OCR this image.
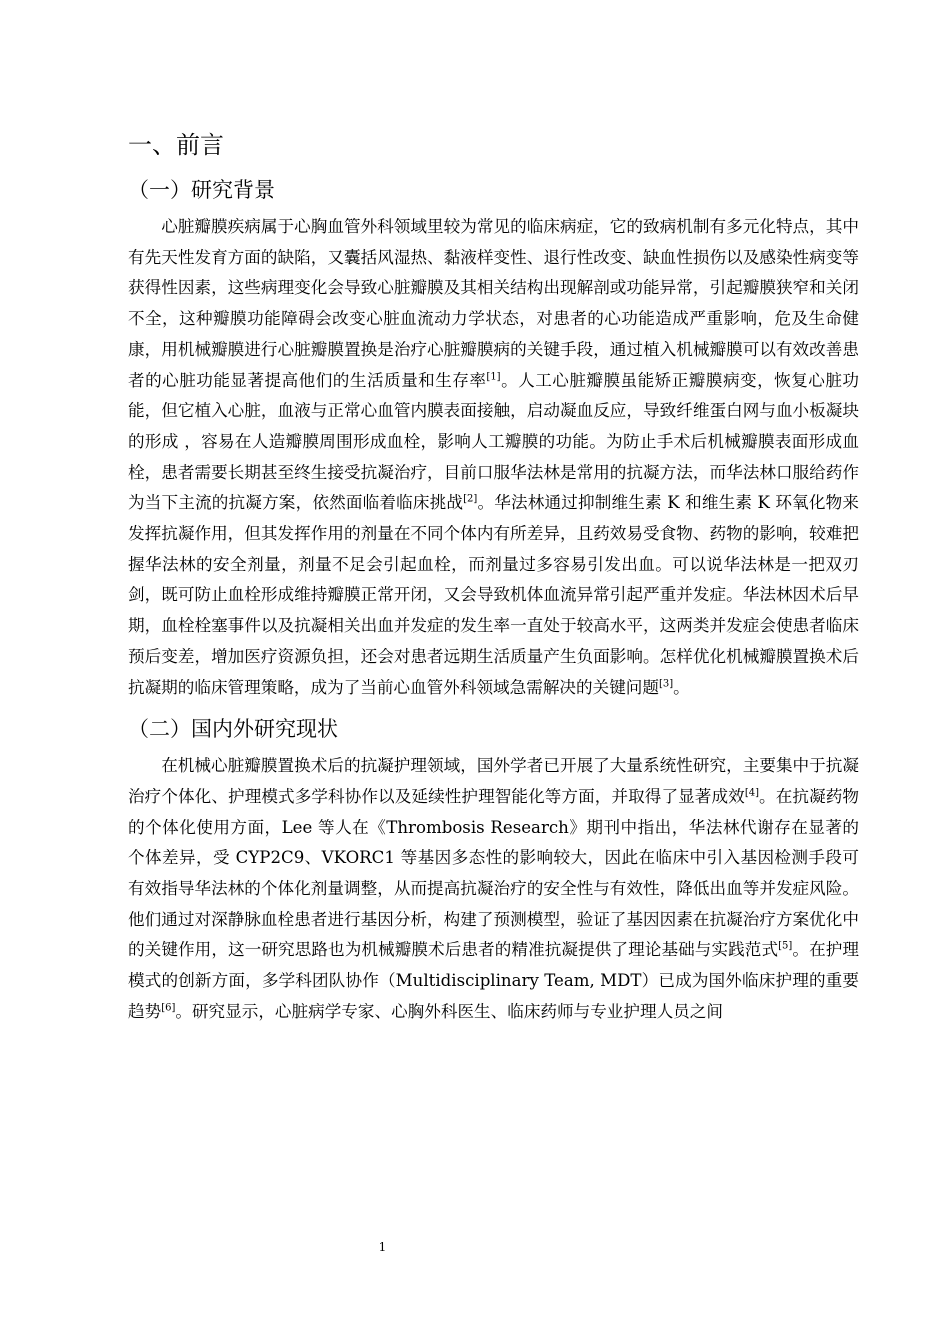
一、前言
（一）研究背景

心脏瓣膜疾病属于心胸血管外科领域里较为常见的临床病症，它的致病机制有多元化特点，其中有先天性发育方面的缺陷，又囊括风湿热、黏液样变性、退行性改变、缺血性损伤以及感染性病变等获得性因素，这些病理变化会导致心脏瓣膜及其相关结构出现解剖或功能异常，引起瓣膜狭窄和关闭不全，这种瓣膜功能障碍会改变心脏血流动力学状态，对患者的心功能造成严重影响，危及生命健康，用机械瓣膜进行心脏瓣膜置换是治疗心脏瓣膜病的关键手段，通过植入机械瓣膜可以有效改善患者的心脏功能显著提高他们的生活质量和生存率[1]。人工心脏瓣膜虽能矫正瓣膜病变，恢复心脏功能，但它植入心脏，血液与正常心血管内膜表面接触，启动凝血反应，导致纤维蛋白网与血小板凝块的形成 ，容易在人造瓣膜周围形成血栓，影响人工瓣膜的功能。为防止手术后机械瓣膜表面形成血栓，患者需要长期甚至终生接受抗凝治疗，目前口服华法林是常用的抗凝方法，而华法林口服给药作为当下主流的抗凝方案，依然面临着临床挑战[2]。华法林通过抑制维生素 K 和维生素 K 环氧化物来发挥抗凝作用，但其发挥作用的剂量在不同个体内有所差异，且药效易受食物、药物的影响，较难把握华法林的安全剂量，剂量不足会引起血栓，而剂量过多容易引发出血。可以说华法林是一把双刃剑，既可防止血栓形成维持瓣膜正常开闭，又会导致机体血流异常引起严重并发症。华法林因术后早期，血栓栓塞事件以及抗凝相关出血并发症的发生率一直处于较高水平，这两类并发症会使患者临床预后变差，增加医疗资源负担，还会对患者远期生活质量产生负面影响。怎样优化机械瓣膜置换术后抗凝期的临床管理策略，成为了当前心血管外科领域急需解决的关键问题[3]。

（二）国内外研究现状

在机械心脏瓣膜置换术后的抗凝护理领域，国外学者已开展了大量系统性研究，主要集中于抗凝治疗个体化、护理模式多学科协作以及延续性护理智能化等方面，并取得了显著成效[4]。在抗凝药物的个体化使用方面，Lee 等人在《Thrombosis Research》期刊中指出，华法林代谢存在显著的个体差异，受 CYP2C9、VKORC1 等基因多态性的影响较大，因此在临床中引入基因检测手段可有效指导华法林的个体化剂量调整，从而提高抗凝治疗的安全性与有效性，降低出血等并发症风险。他们通过对深静脉血栓患者进行基因分析，构建了预测模型，验证了基因因素在抗凝治疗方案优化中的关键作用，这一研究思路也为机械瓣膜术后患者的精准抗凝提供了理论基础与实践范式[5]。在护理模式的创新方面，多学科团队协作（Multidisciplinary Team, MDT）已成为国外临床护理的重要趋势[6]。研究显示，心脏病学专家、心胸外科医生、临床药师与专业护理人员之间

1
